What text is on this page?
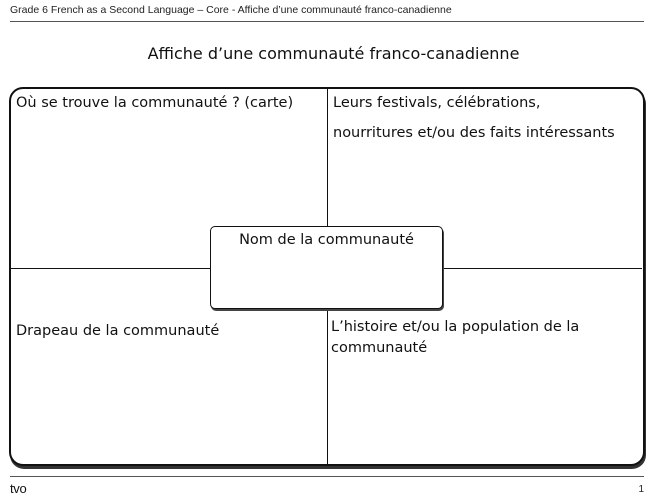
Grade 6 French as a Second Language – Core - Affiche d’une communauté franco-canadienne
Affiche d’une communauté franco-canadienne
Où se trouve la communauté ? (carte)	Leurs festivals, célébrations,
nourritures et/ou des faits intéressants
Drapeau de la communauté	L’histoire et/ou la population de la
communauté
Nom de la communauté
tvo	1
